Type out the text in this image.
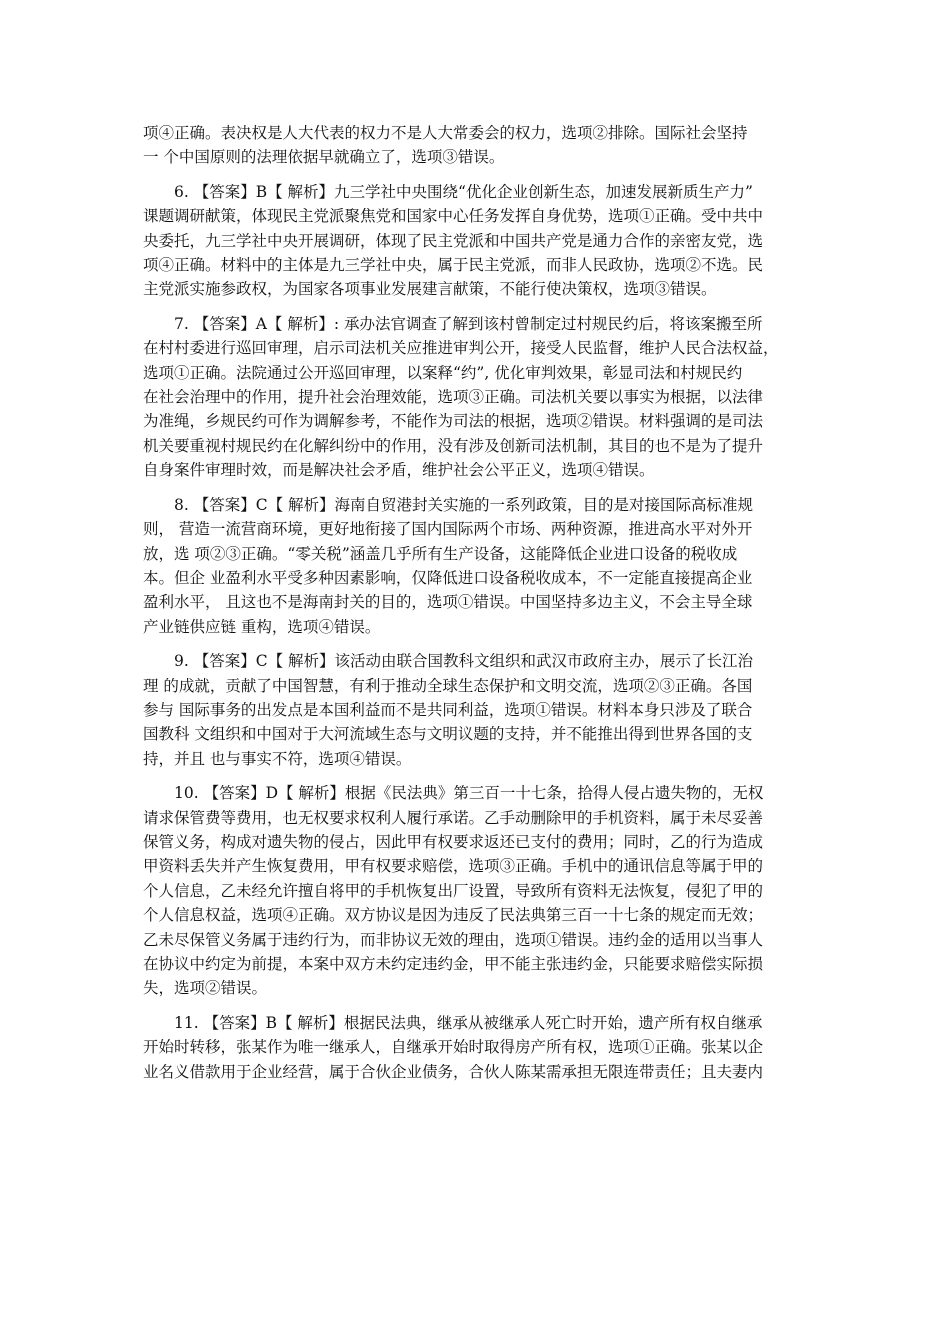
项④正确。表决权是人大代表的权力不是人大常委会的权力，选项②排除。国际社会坚持
一 个中国原则的法理依据早就确立了，选项③错误。
6. 【答案】B【 解析】九三学社中央围绕“优化企业创新生态，加速发展新质生产力”
课题调研献策，体现民主党派聚焦党和国家中心任务发挥自身优势，选项①正确。受中共中
央委托，九三学社中央开展调研，体现了民主党派和中国共产党是通力合作的亲密友党，选
项④正确。材料中的主体是九三学社中央，属于民主党派，而非人民政协，选项②不选。民
主党派实施参政权，为国家各项事业发展建言献策，不能行使决策权，选项③错误。
7. 【答案】A【 解析】: 承办法官调查了解到该村曾制定过村规民约后，将该案搬至所
在村村委进行巡回审理，启示司法机关应推进审判公开，接受人民监督，维护人民合法权益，
选项①正确。法院通过公开巡回审理，以案释“约”, 优化审判效果，彰显司法和村规民约
在社会治理中的作用，提升社会治理效能，选项③正确。司法机关要以事实为根据，以法律
为准绳，乡规民约可作为调解参考，不能作为司法的根据，选项②错误。材料强调的是司法
机关要重视村规民约在化解纠纷中的作用，没有涉及创新司法机制，其目的也不是为了提升
自身案件审理时效，而是解决社会矛盾，维护社会公平正义，选项④错误。
8. 【答案】C【 解析】海南自贸港封关实施的一系列政策，目的是对接国际高标准规
则， 营造一流营商环境，更好地衔接了国内国际两个市场、两种资源，推进高水平对外开
放，选 项②③正确。“零关税”涵盖几乎所有生产设备，这能降低企业进口设备的税收成
本。但企 业盈利水平受多种因素影响，仅降低进口设备税收成本，不一定能直接提高企业
盈利水平， 且这也不是海南封关的目的，选项①错误。中国坚持多边主义，不会主导全球
产业链供应链 重构，选项④错误。
9. 【答案】C【 解析】该活动由联合国教科文组织和武汉市政府主办，展示了长江治
理 的成就，贡献了中国智慧，有利于推动全球生态保护和文明交流，选项②③正确。各国
参与 国际事务的出发点是本国利益而不是共同利益，选项①错误。材料本身只涉及了联合
国教科 文组织和中国对于大河流域生态与文明议题的支持，并不能推出得到世界各国的支
持，并且 也与事实不符，选项④错误。
10. 【答案】D【 解析】根据《民法典》第三百一十七条，拾得人侵占遗失物的，无权
请求保管费等费用，也无权要求权利人履行承诺。乙手动删除甲的手机资料，属于未尽妥善
保管义务，构成对遗失物的侵占，因此甲有权要求返还已支付的费用；同时，乙的行为造成
甲资料丢失并产生恢复费用，甲有权要求赔偿，选项③正确。手机中的通讯信息等属于甲的
个人信息，乙未经允许擅自将甲的手机恢复出厂设置，导致所有资料无法恢复，侵犯了甲的
个人信息权益，选项④正确。双方协议是因为违反了民法典第三百一十七条的规定而无效；
乙未尽保管义务属于违约行为，而非协议无效的理由，选项①错误。违约金的适用以当事人
在协议中约定为前提，本案中双方未约定违约金，甲不能主张违约金，只能要求赔偿实际损
失，选项②错误。
11. 【答案】B【 解析】根据民法典，继承从被继承人死亡时开始，遗产所有权自继承
开始时转移，张某作为唯一继承人，自继承开始时取得房产所有权，选项①正确。张某以企
业名义借款用于企业经营，属于合伙企业债务，合伙人陈某需承担无限连带责任；且夫妻内
